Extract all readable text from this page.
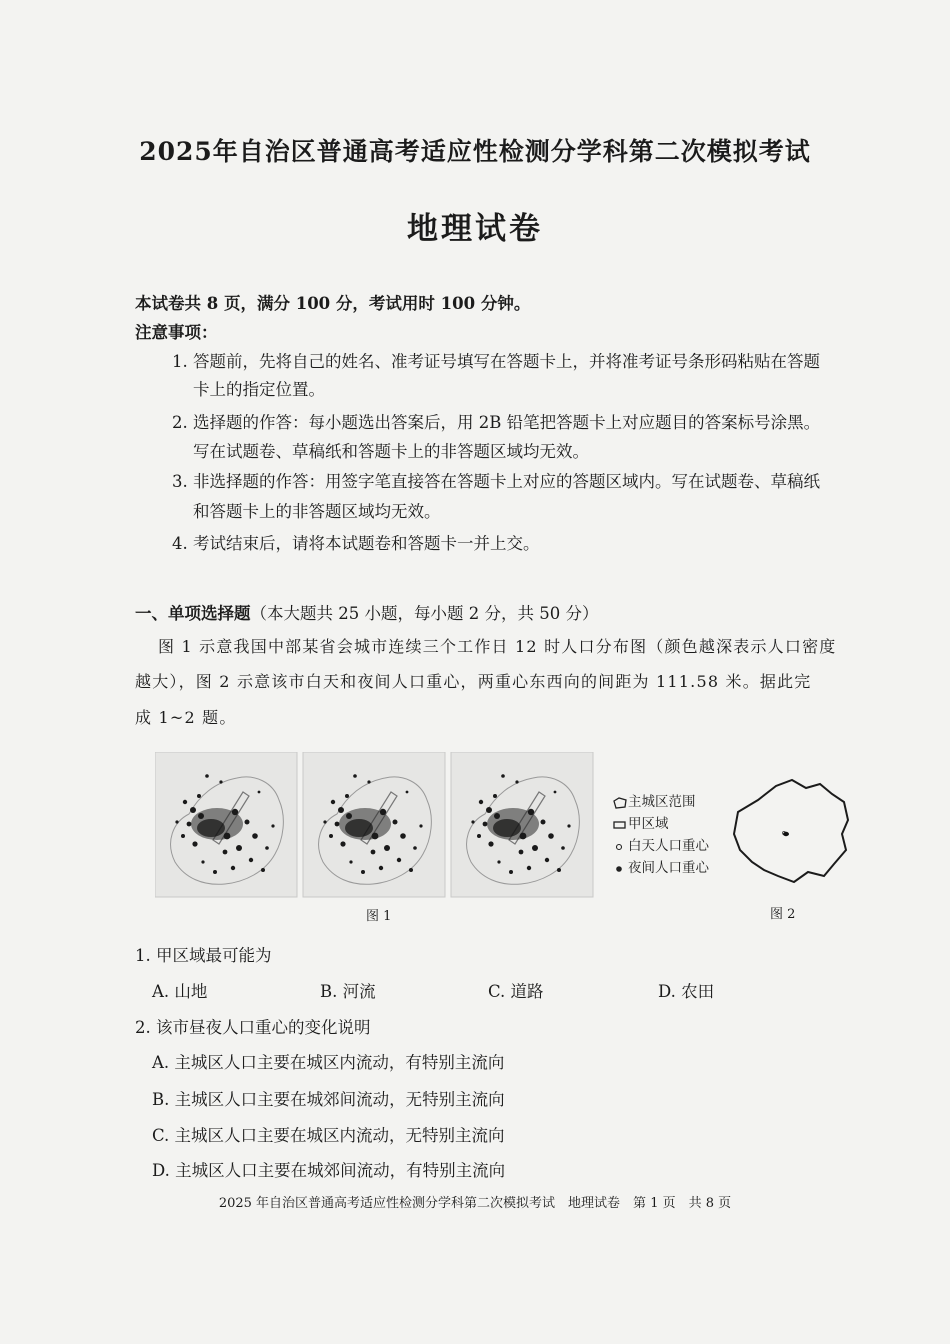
2025年自治区普通高考适应性检测分学科第二次模拟考试
地理试卷
本试卷共 8 页，满分 100 分，考试用时 100 分钟。
注意事项：
1. 答题前，先将自己的姓名、准考证号填写在答题卡上，并将准考证号条形码粘贴在答题
卡上的指定位置。
2. 选择题的作答：每小题选出答案后，用 2B 铅笔把答题卡上对应题目的答案标号涂黑。
写在试题卷、草稿纸和答题卡上的非答题区域均无效。
3. 非选择题的作答：用签字笔直接答在答题卡上对应的答题区域内。写在试题卷、草稿纸
和答题卡上的非答题区域均无效。
4. 考试结束后，请将本试题卷和答题卡一并上交。
一、单项选择题（本大题共 25 小题，每小题 2 分，共 50 分）
图 1 示意我国中部某省会城市连续三个工作日 12 时人口分布图（颜色越深表示人口密度
越大），图 2 示意该市白天和夜间人口重心，两重心东西向的间距为 111.58 米。据此完
成 1~2 题。
图 1
主城区范围
甲区域
白天人口重心
夜间人口重心
图 2
1. 甲区域最可能为
A. 山地	B. 河流	C. 道路	D. 农田
2. 该市昼夜人口重心的变化说明
A. 主城区人口主要在城区内流动，有特别主流向
B. 主城区人口主要在城郊间流动，无特别主流向
C. 主城区人口主要在城区内流动，无特别主流向
D. 主城区人口主要在城郊间流动，有特别主流向
2025 年自治区普通高考适应性检测分学科第二次模拟考试　地理试卷　第 1 页　共 8 页
